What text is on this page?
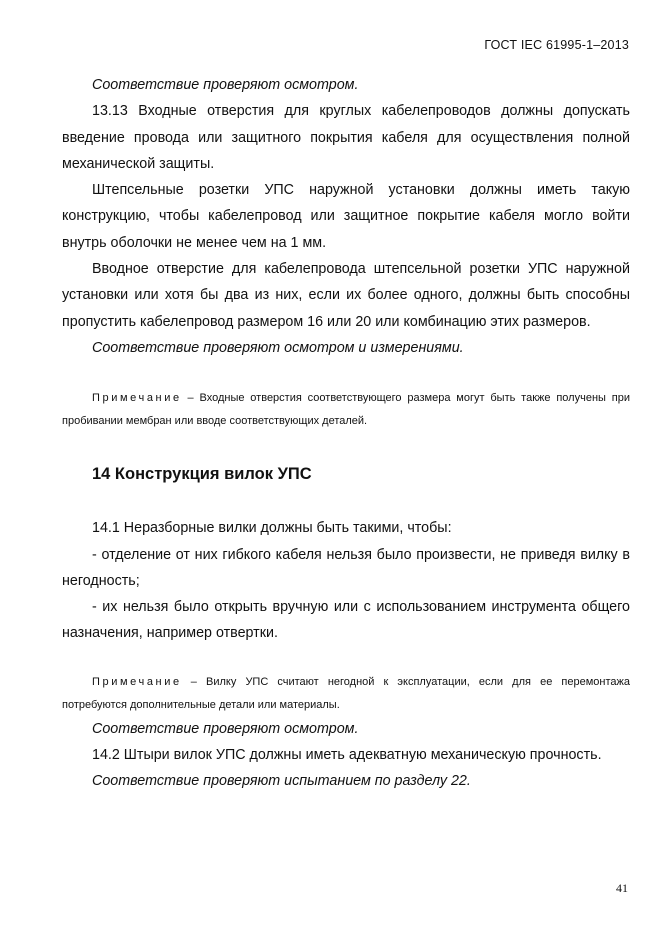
ГОСТ IEC 61995-1–2013

Соответствие проверяют осмотром.

13.13 Входные отверстия для круглых кабелепроводов должны допускать введение провода или защитного покрытия кабеля для осуществления полной механической защиты.

Штепсельные розетки УПС наружной установки должны иметь такую конструкцию, чтобы кабелепровод или защитное покрытие кабеля могло войти внутрь оболочки не менее чем на 1 мм.

Вводное отверстие для кабелепровода штепсельной розетки УПС наружной установки или хотя бы два из них, если их более одного, должны быть способны пропустить кабелепровод размером 16 или 20 или комбинацию этих размеров.

Соответствие проверяют осмотром и измерениями.

Примечание – Входные отверстия соответствующего размера могут быть также получены при пробивании мембран или вводе соответствующих деталей.

14 Конструкция вилок УПС

14.1 Неразборные вилки должны быть такими, чтобы:

- отделение от них гибкого кабеля нельзя было произвести, не приведя вилку в негодность;

- их нельзя было открыть вручную или с использованием инструмента общего назначения, например отвертки.

Примечание – Вилку УПС считают негодной к эксплуатации, если для ее перемонтажа потребуются дополнительные детали или материалы.

Соответствие проверяют осмотром.

14.2 Штыри вилок УПС должны иметь адекватную механическую прочность.

Соответствие проверяют испытанием по разделу 22.

41
